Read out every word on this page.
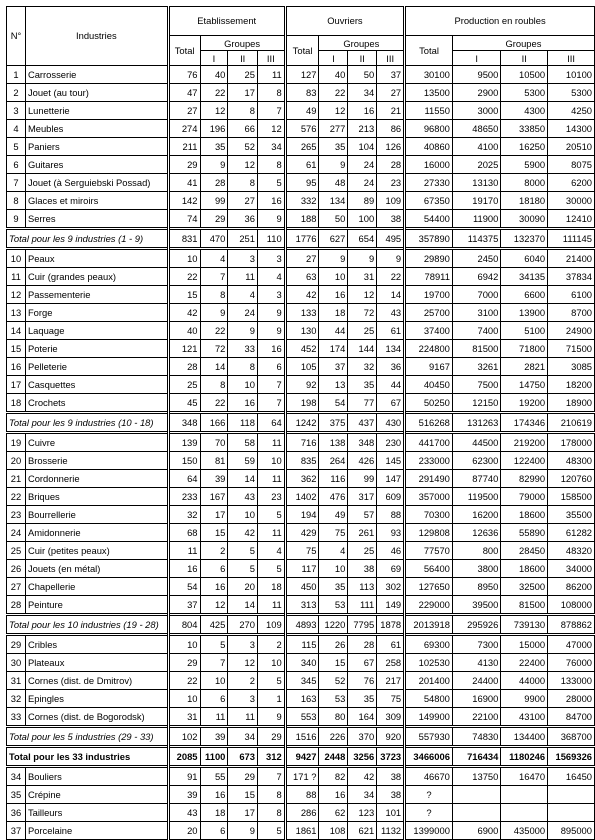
N°	Industries	Etablissement				Ouvriers				Production en roubles			
		Total	Groupes			Total	Groupes			Total	Groupes		
			I	II	III		I	II	III		I	II	III
1	Carrosserie	76	40	25	11	127	40	50	37	30100	9500	10500	10100
2	Jouet (au tour)	47	22	17	8	83	22	34	27	13500	2900	5300	5300
3	Lunetterie	27	12	8	7	49	12	16	21	11550	3000	4300	4250
4	Meubles	274	196	66	12	576	277	213	86	96800	48650	33850	14300
5	Paniers	211	35	52	34	265	35	104	126	40860	4100	16250	20510
6	Guitares	29	9	12	8	61	9	24	28	16000	2025	5900	8075
7	Jouet (à Serguiebski Possad)	41	28	8	5	95	48	24	23	27330	13130	8000	6200
8	Glaces et miroirs	142	99	27	16	332	134	89	109	67350	19170	18180	30000
9	Serres	74	29	36	9	188	50	100	38	54400	11900	30090	12410
Total pour les 9 industries (1 - 9)		831	470	251	110	1776	627	654	495	357890	114375	132370	111145
10	Peaux	10	4	3	3	27	9	9	9	29890	2450	6040	21400
11	Cuir (grandes peaux)	22	7	11	4	63	10	31	22	78911	6942	34135	37834
12	Passementerie	15	8	4	3	42	16	12	14	19700	7000	6600	6100
13	Forge	42	9	24	9	133	18	72	43	25700	3100	13900	8700
14	Laquage	40	22	9	9	130	44	25	61	37400	7400	5100	24900
15	Poterie	121	72	33	16	452	174	144	134	224800	81500	71800	71500
16	Pelleterie	28	14	8	6	105	37	32	36	9167	3261	2821	3085
17	Casquettes	25	8	10	7	92	13	35	44	40450	7500	14750	18200
18	Crochets	45	22	16	7	198	54	77	67	50250	12150	19200	18900
Total pour les 9 industries (10 - 18)		348	166	118	64	1242	375	437	430	516268	131263	174346	210619
19	Cuivre	139	70	58	11	716	138	348	230	441700	44500	219200	178000
20	Brosserie	150	81	59	10	835	264	426	145	233000	62300	122400	48300
21	Cordonnerie	64	39	14	11	362	116	99	147	291490	87740	82990	120760
22	Briques	233	167	43	23	1402	476	317	609	357000	119500	79000	158500
23	Bourrellerie	32	17	10	5	194	49	57	88	70300	16200	18600	35500
24	Amidonnerie	68	15	42	11	429	75	261	93	129808	12636	55890	61282
25	Cuir (petites peaux)	11	2	5	4	75	4	25	46	77570	800	28450	48320
26	Jouets (en métal)	16	6	5	5	117	10	38	69	56400	3800	18600	34000
27	Chapellerie	54	16	20	18	450	35	113	302	127650	8950	32500	86200
28	Peinture	37	12	14	11	313	53	111	149	229000	39500	81500	108000
Total pour les 10 industries (19 - 28)		804	425	270	109	4893	1220	7795	1878	2013918	295926	739130	878862
29	Cribles	10	5	3	2	115	26	28	61	69300	7300	15000	47000
30	Plateaux	29	7	12	10	340	15	67	258	102530	4130	22400	76000
31	Cornes (dist. de Dmitrov)	22	10	2	5	345	52	76	217	201400	24400	44000	133000
32	Epingles	10	6	3	1	163	53	35	75	54800	16900	9900	28000
33	Cornes (dist. de Bogorodsk)	31	11	11	9	553	80	164	309	149900	22100	43100	84700
Total pour les 5 industries (29 - 33)		102	39	34	29	1516	226	370	920	557930	74830	134400	368700
Total pour les 33 industries		2085	1100	673	312	9427	2448	3256	3723	3466006	716434	1180246	1569326
34	Bouliers	91	55	29	7	171 ?	82	42	38	46670	13750	16470	16450
35	Crépine	39	16	15	8	88	16	34	38	?			
36	Tailleurs	43	18	17	8	286	62	123	101	?			
37	Porcelaine	20	6	9	5	1861	108	621	1132	1399000	6900	435000	895000
